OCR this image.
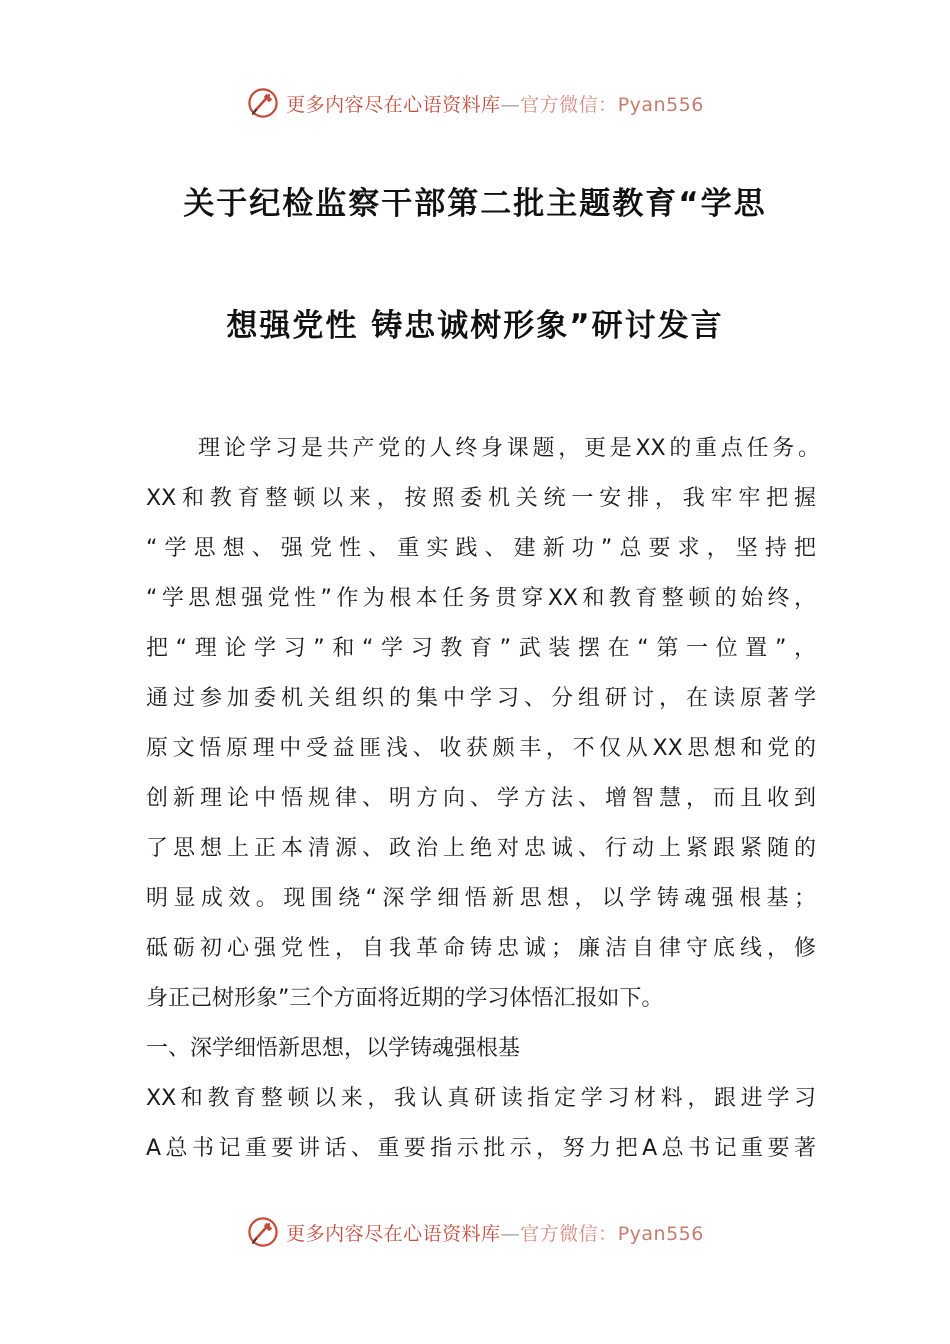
更多内容尽在心语资料库—官方微信：Pyan556
关于纪检监察干部第二批主题教育“学思
想强党性 铸忠诚树形象”研讨发言
理论学习是共产党的人终身课题，更是XX的重点任务。
XX和教育整顿以来，按照委机关统一安排，我牢牢把握
“学思想、强党性、重实践、建新功”总要求，坚持把
“学思想强党性”作为根本任务贯穿XX和教育整顿的始终，
把“理论学习”和“学习教育”武装摆在“第一位置”，
通过参加委机关组织的集中学习、分组研讨，在读原著学
原文悟原理中受益匪浅、收获颇丰，不仅从XX思想和党的
创新理论中悟规律、明方向、学方法、增智慧，而且收到
了思想上正本清源、政治上绝对忠诚、行动上紧跟紧随的
明显成效。现围绕“深学细悟新思想，以学铸魂强根基；
砥砺初心强党性，自我革命铸忠诚；廉洁自律守底线，修
身正己树形象”三个方面将近期的学习体悟汇报如下。
一、深学细悟新思想，以学铸魂强根基
XX和教育整顿以来，我认真研读指定学习材料，跟进学习
A总书记重要讲话、重要指示批示，努力把A总书记重要著
更多内容尽在心语资料库—官方微信：Pyan556
